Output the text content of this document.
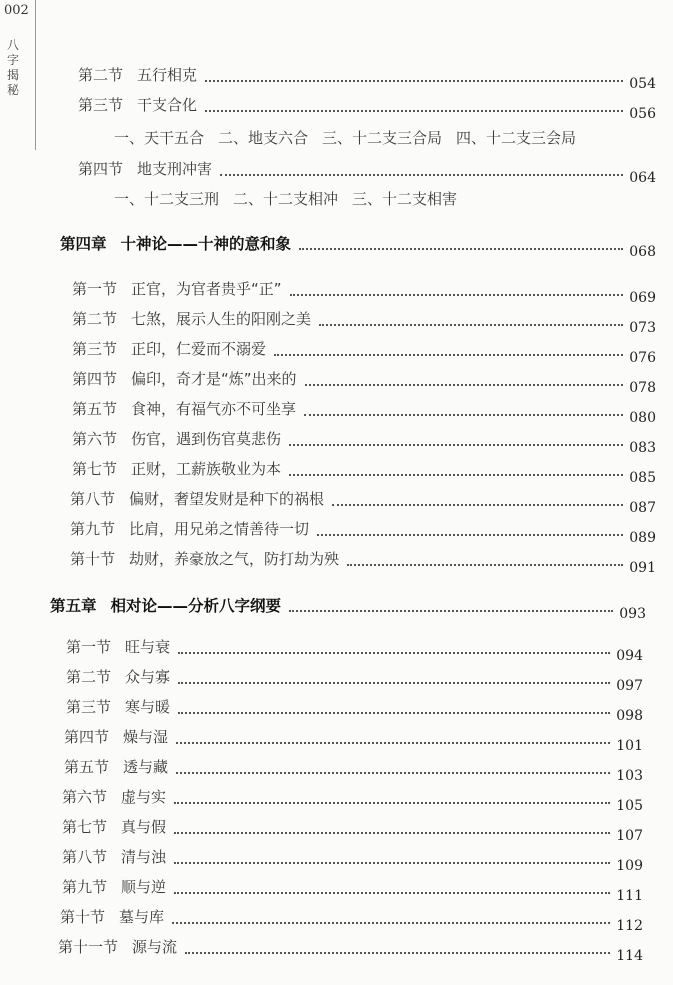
002
八字揭秘
第二节 五行相克	054
第三节 干支合化	056
一、天干五合 二、地支六合 三、十二支三合局 四、十二支三会局
第四节 地支刑冲害	064
一、十二支三刑 二、十二支相冲 三、十二支相害
第四章 十神论——十神的意和象	068
第一节 正官，为官者贵乎“正”	069
第二节 七煞，展示人生的阳刚之美	073
第三节 正印，仁爱而不溺爱	076
第四节 偏印，奇才是“炼”出来的	078
第五节 食神，有福气亦不可坐享	080
第六节 伤官，遇到伤官莫悲伤	083
第七节 正财，工薪族敬业为本	085
第八节 偏财，奢望发财是种下的祸根	087
第九节 比肩，用兄弟之情善待一切	089
第十节 劫财，养豪放之气，防打劫为殃	091
第五章 相对论——分析八字纲要	093
第一节 旺与衰	094
第二节 众与寡	097
第三节 寒与暖	098
第四节 燥与湿	101
第五节 透与藏	103
第六节 虚与实	105
第七节 真与假	107
第八节 清与浊	109
第九节 顺与逆	111
第十节 墓与库	112
第十一节 源与流	114
